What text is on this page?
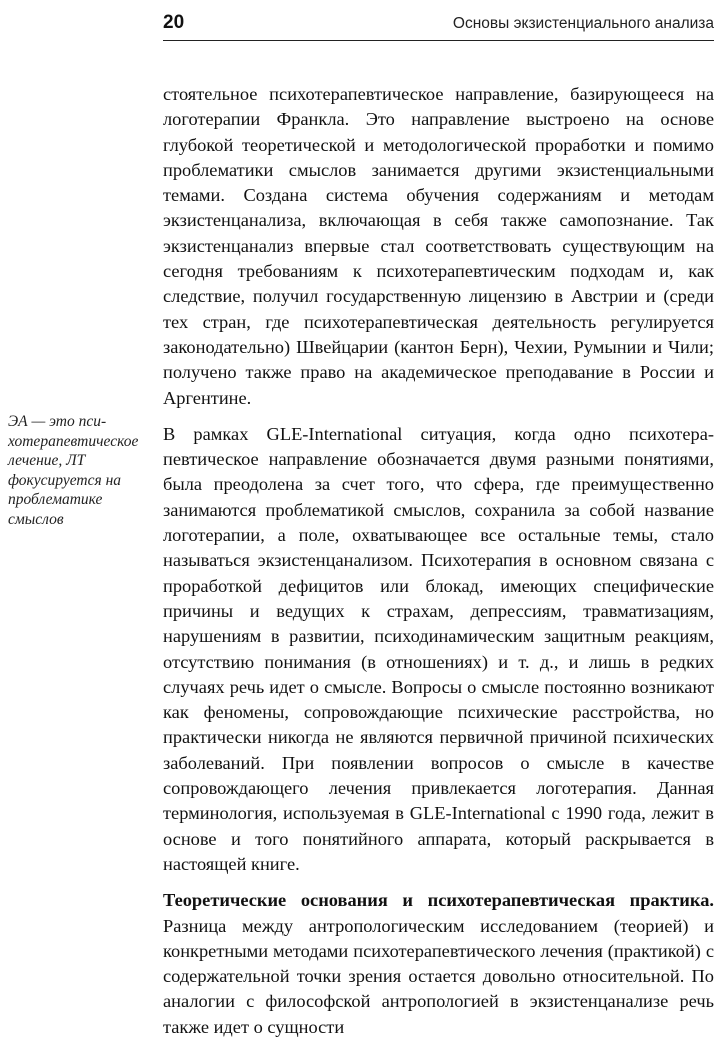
20	Основы экзистенциального анализа
ЭА — это психотерапевтическое лечение, ЛТ фокусируется на проблематике смыслов

стоятельное психотерапевтическое направление, базирующееся на логотерапии Франкла. Это направление выстроено на основе глубокой теоретической и методологической проработки и помимо проблематики смыслов занимается другими экзистенциальными темами. Создана система обучения содержаниям и методам экзистенцанализа, включающая в себя также самопознание. Так экзистенцанализ впервые стал соответствовать существующим на сегодня требованиям к психотерапевтическим подходам и, как следствие, получил государственную лицензию в Австрии и (среди тех стран, где психотерапевтическая деятельность регулируется законодательно) Швейцарии (кантон Берн), Чехии, Румынии и Чили; получено также право на академическое преподавание в России и Аргентине.

В рамках GLE-International ситуация, когда одно психотерапевтическое направление обозначается двумя разными понятиями, была преодолена за счет того, что сфера, где преимущественно занимаются проблематикой смыслов, сохранила за собой название логотерапии, а поле, охватывающее все остальные темы, стало называться экзистенцанализом. Психотерапия в основном связана с проработкой дефицитов или блокад, имеющих специфические причины и ведущих к страхам, депрессиям, травматизациям, нарушениям в развитии, психодинамическим защитным реакциям, отсутствию понимания (в отношениях) и т. д., и лишь в редких случаях речь идет о смысле. Вопросы о смысле постоянно возникают как феномены, сопровождающие психические расстройства, но практически никогда не являются первичной причиной психических заболеваний. При появлении вопросов о смысле в качестве сопровождающего лечения привлекается логотерапия. Данная терминология, используемая в GLE-International с 1990 года, лежит в основе и того понятийного аппарата, который раскрывается в настоящей книге.

Теоретические основания и психотерапевтическая практика. Разница между антропологическим исследованием (теорией) и конкретными методами психотерапевтического лечения (практикой) с содержательной точки зрения остается довольно относительной. По аналогии с философской антропологией в экзистенцанализе речь также идет о сущности
